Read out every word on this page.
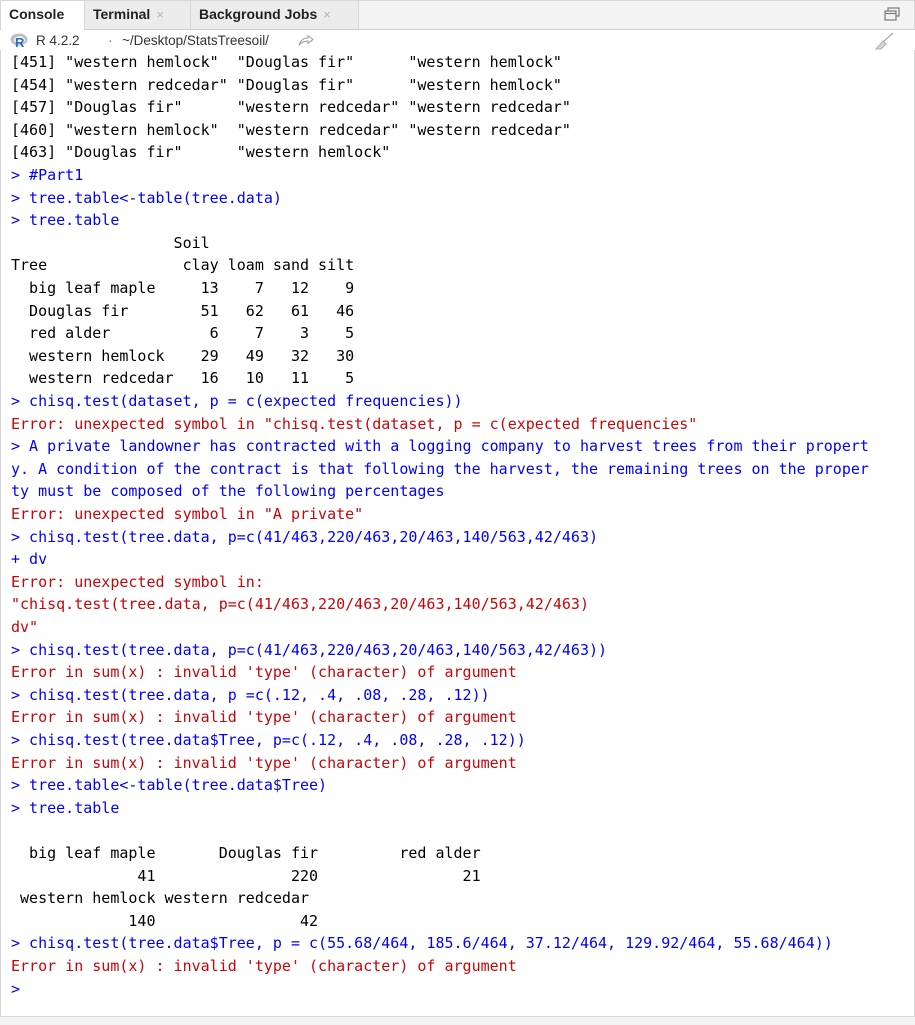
Console	Terminal ×	Background Jobs ×
R R 4.2.2 · ~/Desktop/StatsTreesoil/
[451] "western hemlock"  "Douglas fir"      "western hemlock"
[454] "western redcedar" "Douglas fir"      "western hemlock"
[457] "Douglas fir"      "western redcedar" "western redcedar"
[460] "western hemlock"  "western redcedar" "western redcedar"
[463] "Douglas fir"      "western hemlock"
> #Part1
> tree.table<-table(tree.data)
> tree.table
Soil
Tree               clay loam sand silt
big leaf maple     13    7   12    9
Douglas fir        51   62   61   46
red alder           6    7    3    5
western hemlock    29   49   32   30
western redcedar   16   10   11    5
> chisq.test(dataset, p = c(expected frequencies))
Error: unexpected symbol in "chisq.test(dataset, p = c(expected frequencies"
> A private landowner has contracted with a logging company to harvest trees from their propert
y. A condition of the contract is that following the harvest, the remaining trees on the proper
ty must be composed of the following percentages
Error: unexpected symbol in "A private"
> chisq.test(tree.data, p=c(41/463,220/463,20/463,140/563,42/463)
+ dv
Error: unexpected symbol in:
"chisq.test(tree.data, p=c(41/463,220/463,20/463,140/563,42/463)
dv"
> chisq.test(tree.data, p=c(41/463,220/463,20/463,140/563,42/463))
Error in sum(x) : invalid 'type' (character) of argument
> chisq.test(tree.data, p =c(.12, .4, .08, .28, .12))
Error in sum(x) : invalid 'type' (character) of argument
> chisq.test(tree.data$Tree, p=c(.12, .4, .08, .28, .12))
Error in sum(x) : invalid 'type' (character) of argument
> tree.table<-table(tree.data$Tree)
> tree.table
big leaf maple       Douglas fir         red alder
41               220                21
western hemlock western redcedar
140                42
> chisq.test(tree.data$Tree, p = c(55.68/464, 185.6/464, 37.12/464, 129.92/464, 55.68/464))
Error in sum(x) : invalid 'type' (character) of argument
>
